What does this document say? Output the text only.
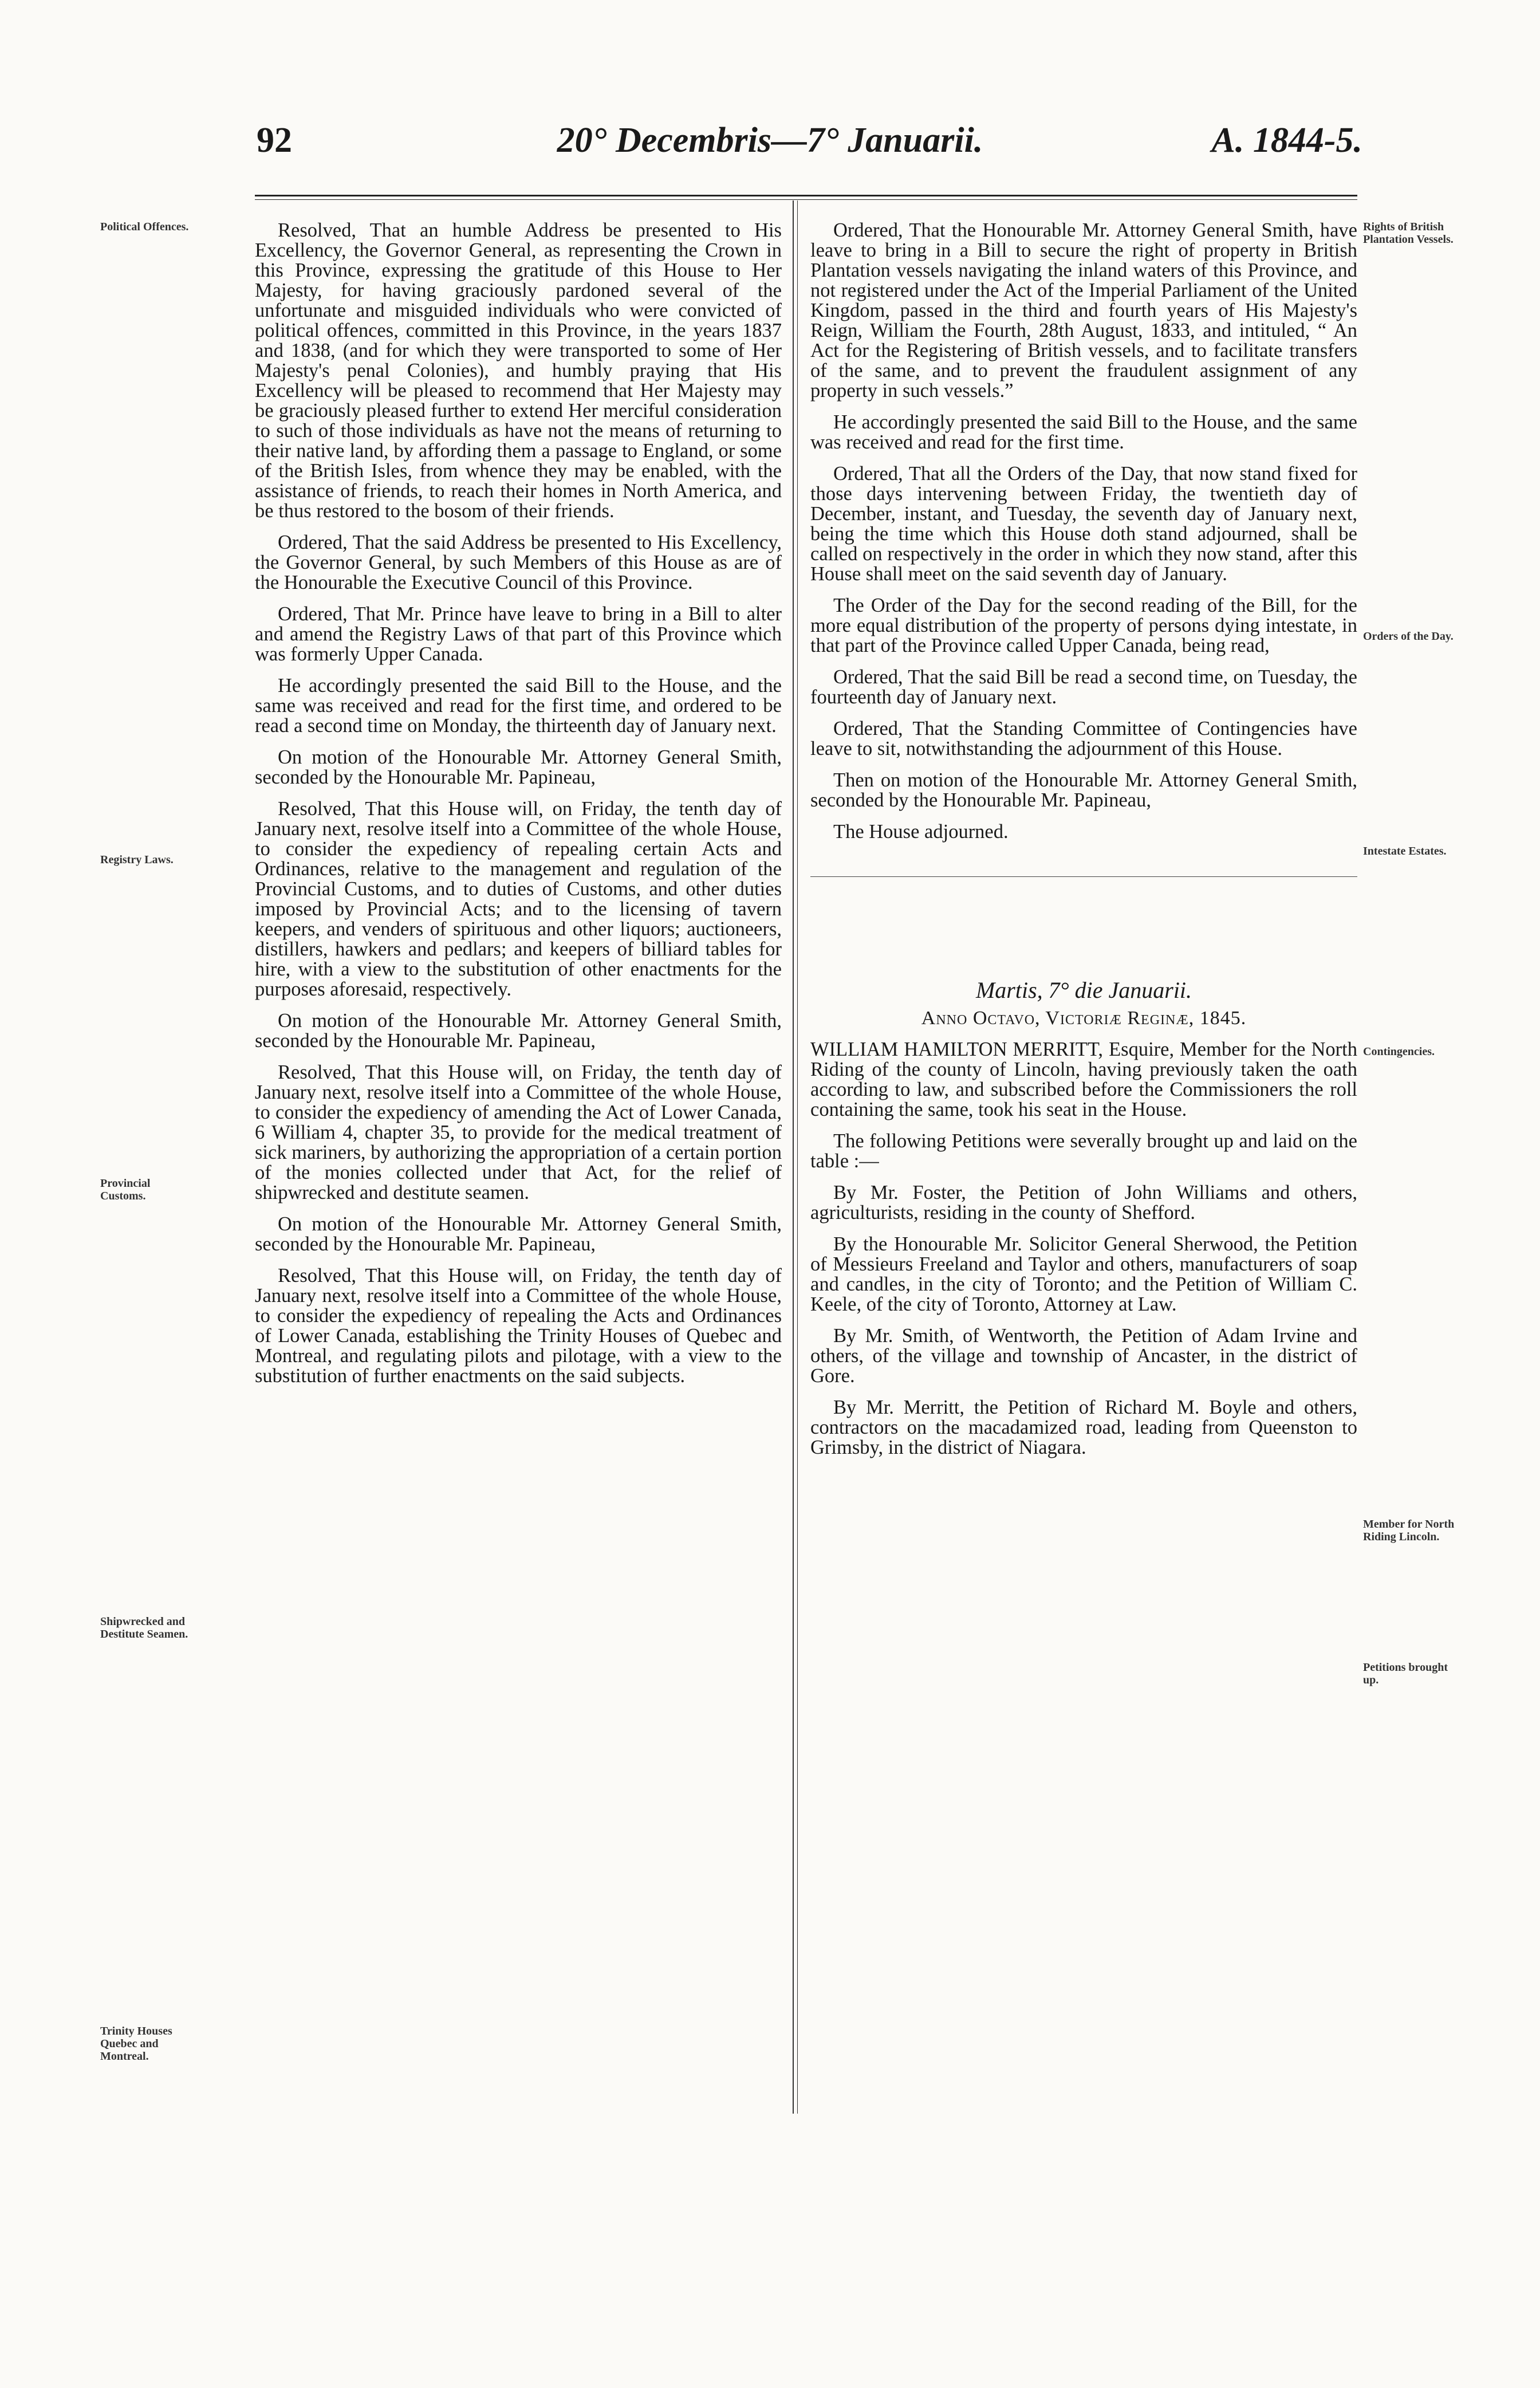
92	20° Decembris—7° Januarii.	A. 1844-5.
Political Offences.
Registry Laws.
Provincial Customs.
Shipwrecked and Destitute Seamen.
Trinity Houses Quebec and Montreal.
Rights of British Plantation Vessels.
Orders of the Day.
Intestate Estates.
Contingencies.
Member for North Riding Lincoln.
Petitions brought up.

Resolved, That an humble Address be presented to His Excellency, the Governor General, as representing the Crown in this Province, expressing the gratitude of this House to Her Majesty, for having graciously pardoned several of the unfortunate and misguided individuals who were convicted of political offences, committed in this Province, in the years 1837 and 1838, (and for which they were transported to some of Her Majesty's penal Colonies), and humbly praying that His Excellency will be pleased to recommend that Her Majesty may be graciously pleased further to extend Her merciful consideration to such of those individuals as have not the means of returning to their native land, by affording them a passage to England, or some of the British Isles, from whence they may be enabled, with the assistance of friends, to reach their homes in North America, and be thus restored to the bosom of their friends.

Ordered, That the said Address be presented to His Excellency, the Governor General, by such Members of this House as are of the Honourable the Executive Council of this Province.

Ordered, That Mr. Prince have leave to bring in a Bill to alter and amend the Registry Laws of that part of this Province which was formerly Upper Canada.

He accordingly presented the said Bill to the House, and the same was received and read for the first time, and ordered to be read a second time on Monday, the thirteenth day of January next.

On motion of the Honourable Mr. Attorney General Smith, seconded by the Honourable Mr. Papineau,

Resolved, That this House will, on Friday, the tenth day of January next, resolve itself into a Committee of the whole House, to consider the expediency of repealing certain Acts and Ordinances, relative to the management and regulation of the Provincial Customs, and to duties of Customs, and other duties imposed by Provincial Acts; and to the licensing of tavern keepers, and venders of spirituous and other liquors; auctioneers, distillers, hawkers and pedlars; and keepers of billiard tables for hire, with a view to the substitution of other enactments for the purposes aforesaid, respectively.

On motion of the Honourable Mr. Attorney General Smith, seconded by the Honourable Mr. Papineau,

Resolved, That this House will, on Friday, the tenth day of January next, resolve itself into a Committee of the whole House, to consider the expediency of amending the Act of Lower Canada, 6 William 4, chapter 35, to provide for the medical treatment of sick mariners, by authorizing the appropriation of a certain portion of the monies collected under that Act, for the relief of shipwrecked and destitute seamen.

On motion of the Honourable Mr. Attorney General Smith, seconded by the Honourable Mr. Papineau,

Resolved, That this House will, on Friday, the tenth day of January next, resolve itself into a Committee of the whole House, to consider the expediency of repealing the Acts and Ordinances of Lower Canada, establishing the Trinity Houses of Quebec and Montreal, and regulating pilots and pilotage, with a view to the substitution of further enactments on the said subjects.

Ordered, That the Honourable Mr. Attorney General Smith, have leave to bring in a Bill to secure the right of property in British Plantation vessels navigating the inland waters of this Province, and not registered under the Act of the Imperial Parliament of the United Kingdom, passed in the third and fourth years of His Majesty's Reign, William the Fourth, 28th August, 1833, and intituled, “ An Act for the Registering of British vessels, and to facilitate transfers of the same, and to prevent the fraudulent assignment of any property in such vessels.”

He accordingly presented the said Bill to the House, and the same was received and read for the first time.

Ordered, That all the Orders of the Day, that now stand fixed for those days intervening between Friday, the twentieth day of December, instant, and Tuesday, the seventh day of January next, being the time which this House doth stand adjourned, shall be called on respectively in the order in which they now stand, after this House shall meet on the said seventh day of January.

The Order of the Day for the second reading of the Bill, for the more equal distribution of the property of persons dying intestate, in that part of the Province called Upper Canada, being read,

Ordered, That the said Bill be read a second time, on Tuesday, the fourteenth day of January next.

Ordered, That the Standing Committee of Contingencies have leave to sit, notwithstanding the adjournment of this House.

Then on motion of the Honourable Mr. Attorney General Smith, seconded by the Honourable Mr. Papineau,

The House adjourned.

Martis, 7° die Januarii.

Anno Octavo, Victoriæ Reginæ, 1845.

WILLIAM HAMILTON MERRITT, Esquire, Member for the North Riding of the county of Lincoln, having previously taken the oath according to law, and subscribed before the Commissioners the roll containing the same, took his seat in the House.

The following Petitions were severally brought up and laid on the table :—

By Mr. Foster, the Petition of John Williams and others, agriculturists, residing in the county of Shefford.

By the Honourable Mr. Solicitor General Sherwood, the Petition of Messieurs Freeland and Taylor and others, manufacturers of soap and candles, in the city of Toronto; and the Petition of William C. Keele, of the city of Toronto, Attorney at Law.

By Mr. Smith, of Wentworth, the Petition of Adam Irvine and others, of the village and township of Ancaster, in the district of Gore.

By Mr. Merritt, the Petition of Richard M. Boyle and others, contractors on the macadamized road, leading from Queenston to Grimsby, in the district of Niagara.
